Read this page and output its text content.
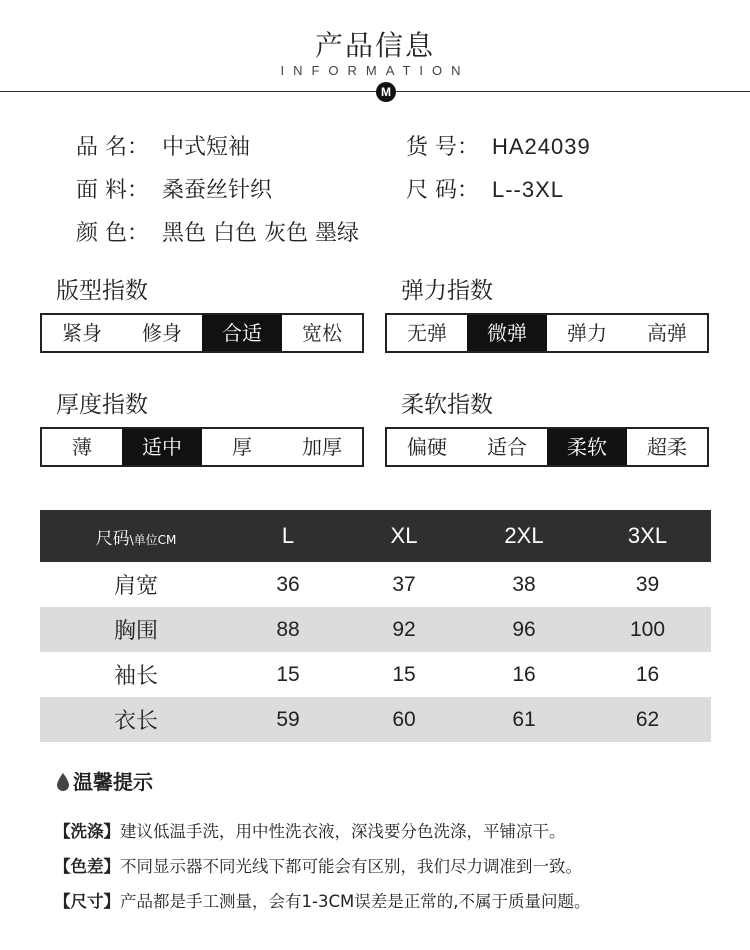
产品信息
INFORMATION
M
品 名： 中式短袖	货 号： HA24039
面 料： 桑蚕丝针织	尺 码： L--3XL
颜 色： 黑色 白色 灰色 墨绿
版型指数
紧身	修身	合适	宽松
弹力指数
无弹	微弹	弹力	高弹
厚度指数
薄	适中	厚	加厚
柔软指数
偏硬	适合	柔软	超柔
尺码\单位CM	L	XL	2XL	3XL
肩宽	36	37	38	39
胸围	88	92	96	100
袖长	15	15	16	16
衣长	59	60	61	62
温馨提示
【洗涤】建议低温手洗，用中性洗衣液，深浅要分色洗涤，平铺凉干。
【色差】不同显示器不同光线下都可能会有区别，我们尽力调准到一致。
【尺寸】产品都是手工测量，会有1-3CM误差是正常的,不属于质量问题。
